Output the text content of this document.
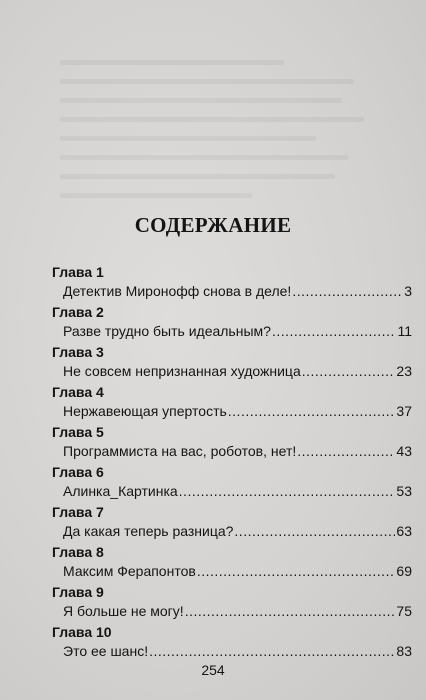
СОДЕРЖАНИЕ
Глава 1
Детектив Миронофф снова в деле! .....	3
Глава 2
Разве трудно быть идеальным? .....	11
Глава 3
Не совсем непризнанная художница .....	23
Глава 4
Нержавеющая упертость .....	37
Глава 5
Программиста на вас, роботов, нет! .....	43
Глава 6
Алинка_Картинка .....	53
Глава 7
Да какая теперь разница? .....	63
Глава 8
Максим Ферапонтов .....	69
Глава 9
Я больше не могу! .....	75
Глава 10
Это ее шанс! .....	83
254
